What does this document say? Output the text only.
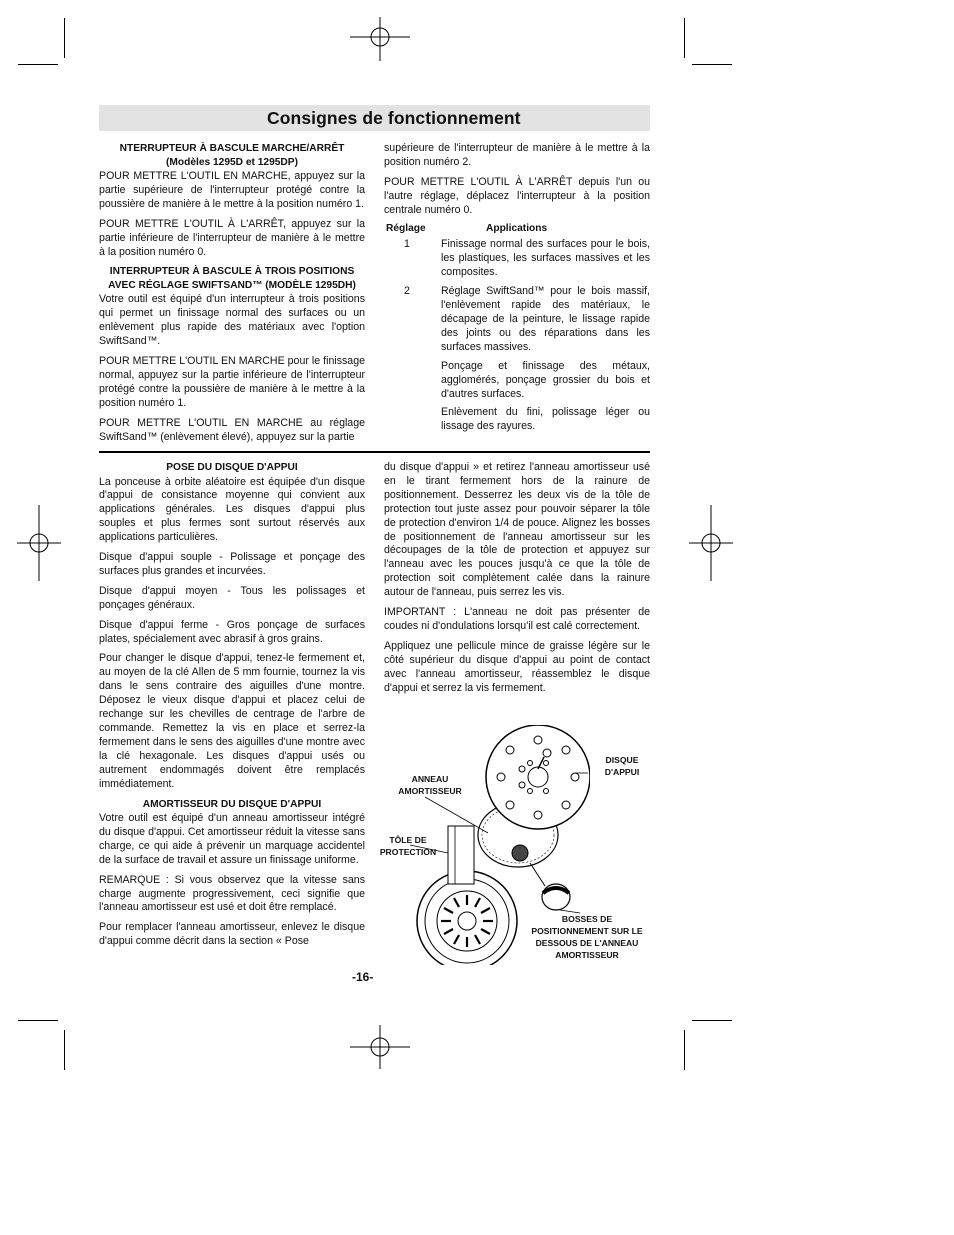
Consignes de fonctionnement
NTERRUPTEUR À BASCULE MARCHE/ARRÊT
(Modèles 1295D et 1295DP)

POUR METTRE L'OUTIL EN MARCHE, appuyez sur la partie supérieure de l'interrupteur protégé contre la poussière de manière à le mettre à la position numéro 1.

POUR METTRE L'OUTIL À L'ARRÊT, appuyez sur la partie inférieure de l'interrupteur de manière à le mettre à la position numéro 0.

INTERRUPTEUR À BASCULE À TROIS POSITIONS
AVEC RÉGLAGE SWIFTSAND™ (MODÈLE 1295DH)

Votre outil est équipé d'un interrupteur à trois positions qui permet un finissage normal des surfaces ou un enlèvement plus rapide des matériaux avec l'option SwiftSand™.

POUR METTRE L'OUTIL EN MARCHE pour le finissage normal, appuyez sur la partie inférieure de l'interrupteur protégé contre la poussière de manière à le mettre à la position numéro 1.

POUR METTRE L'OUTIL EN MARCHE au réglage SwiftSand™ (enlèvement élevé), appuyez sur la partie

supérieure de l'interrupteur de manière à le mettre à la position numéro 2.

POUR METTRE L'OUTIL À L'ARRÊT depuis l'un ou l'autre réglage, déplacez l'interrupteur à la position centrale numéro 0.

Réglage	Applications
1	Finissage normal des surfaces pour le bois, les plastiques, les surfaces massives et les composites.
2	Réglage SwiftSand™ pour le bois massif, l'enlèvement rapide des matériaux, le décapage de la peinture, le lissage rapide des joints ou des réparations dans les surfaces massives.
Ponçage et finissage des métaux, agglomérés, ponçage grossier du bois et d'autres surfaces.
Enlèvement du fini, polissage léger ou lissage des rayures.
POSE DU DISQUE D'APPUI

La ponceuse à orbite aléatoire est équipée d'un disque d'appui de consistance moyenne qui convient aux applications générales. Les disques d'appui plus souples et plus fermes sont surtout réservés aux applications particulières.

Disque d'appui souple - Polissage et ponçage des surfaces plus grandes et incurvées.

Disque d'appui moyen - Tous les polissages et ponçages généraux.

Disque d'appui ferme - Gros ponçage de surfaces plates, spécialement avec abrasif à gros grains.

Pour changer le disque d'appui, tenez-le fermement et, au moyen de la clé Allen de 5 mm fournie, tournez la vis dans le sens contraire des aiguilles d'une montre. Déposez le vieux disque d'appui et placez celui de rechange sur les chevilles de centrage de l'arbre de commande. Remettez la vis en place et serrez-la fermement dans le sens des aiguilles d'une montre avec la clé hexagonale. Les disques d'appui usés ou autrement endommagés doivent être remplacés immédiatement.

AMORTISSEUR DU DISQUE D'APPUI

Votre outil est équipé d'un anneau amortisseur intégré du disque d'appui. Cet amortisseur réduit la vitesse sans charge, ce qui aide à prévenir un marquage accidentel de la surface de travail et assure un finissage uniforme.

REMARQUE : Si vous observez que la vitesse sans charge augmente progressivement, ceci signifie que l'anneau amortisseur est usé et doit être remplacé.

Pour remplacer l'anneau amortisseur, enlevez le disque d'appui comme décrit dans la section « Pose

du disque d'appui » et retirez l'anneau amortisseur usé en le tirant fermement hors de la rainure de positionnement. Desserrez les deux vis de la tôle de protection tout juste assez pour pouvoir séparer la tôle de protection d'environ 1/4 de pouce. Alignez les bosses de positionnement de l'anneau amortisseur sur les découpages de la tôle de protection et appuyez sur l'anneau avec les pouces jusqu'à ce que la tôle de protection soit complètement calée dans la rainure autour de l'anneau, puis serrez les vis.

IMPORTANT : L'anneau ne doit pas présenter de coudes ni d'ondulations lorsqu'il est calé correctement.

Appliquez une pellicule mince de graisse légère sur le côté supérieur du disque d'appui au point de contact avec l'anneau amortisseur, réassemblez le disque d'appui et serrez la vis fermement.

DISQUE
D'APPUI
ANNEAU
AMORTISSEUR
TÔLE DE
PROTECTION
BOSSES DE
POSITIONNEMENT SUR LE
DESSOUS DE L'ANNEAU
AMORTISSEUR
-16-
